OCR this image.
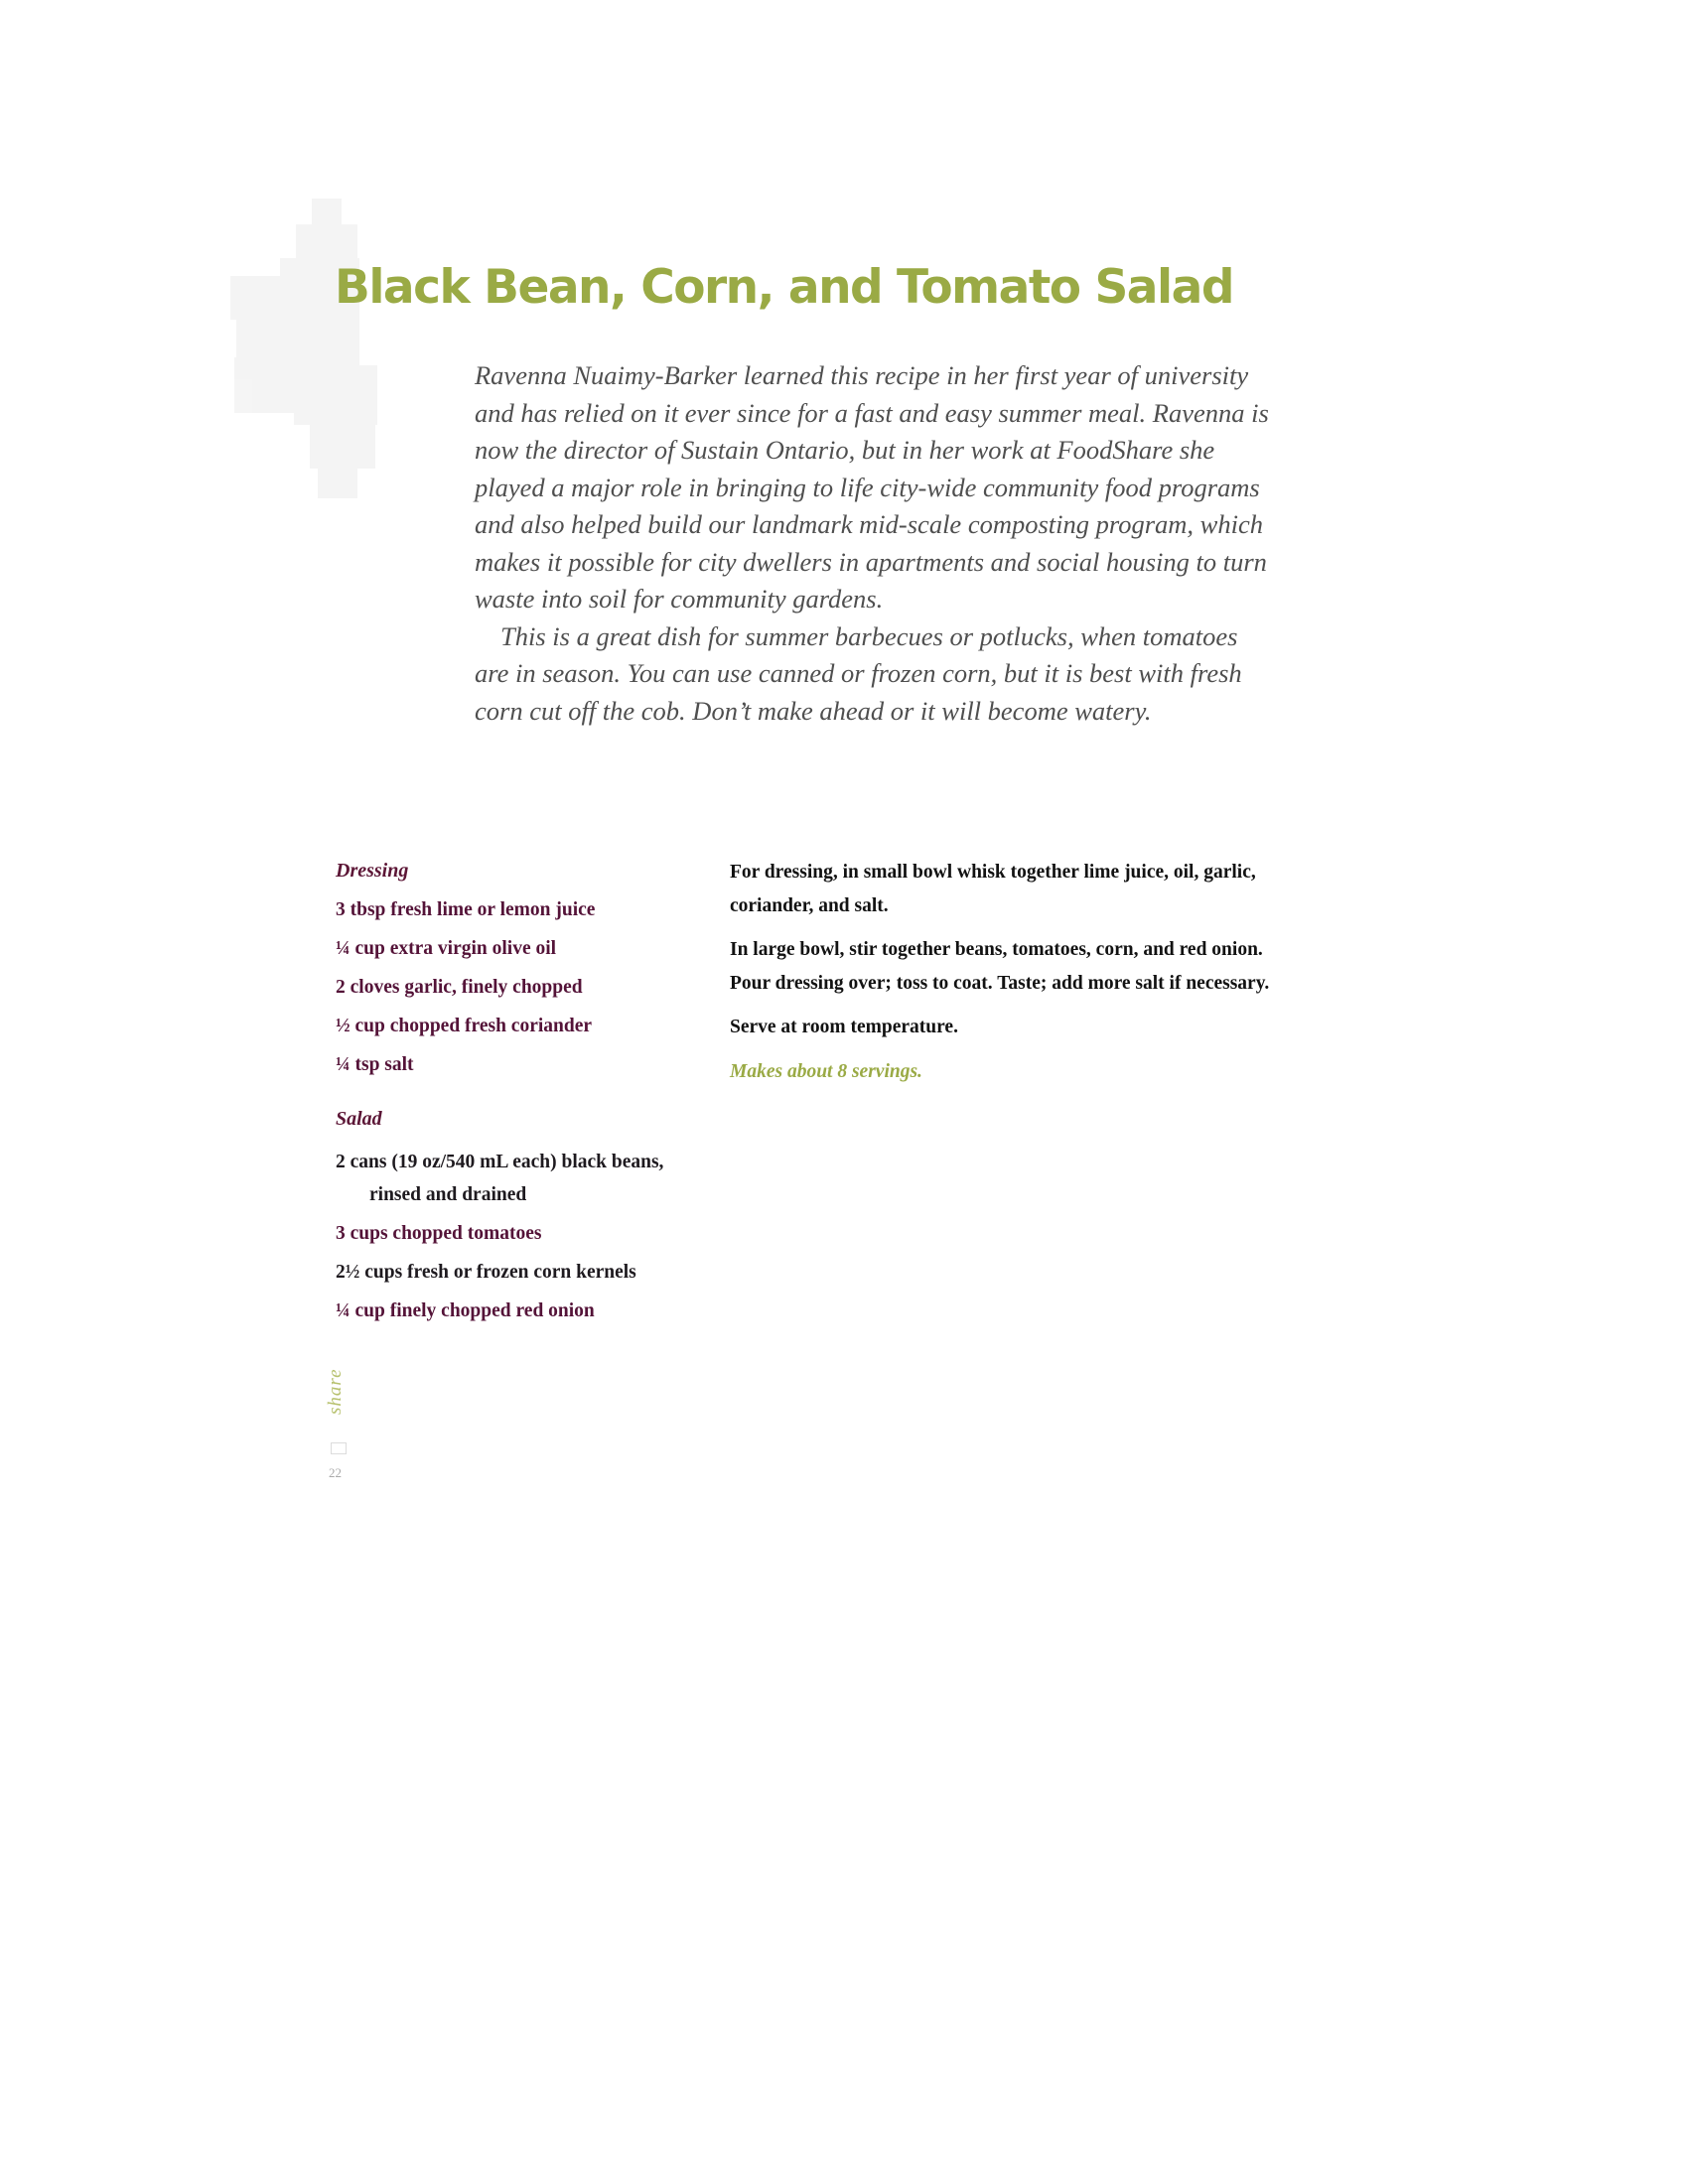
Black Bean, Corn, and Tomato Salad

Ravenna Nuaimy-Barker learned this recipe in her first year of university and has relied on it ever since for a fast and easy summer meal. Ravenna is now the director of Sustain Ontario, but in her work at FoodShare she played a major role in bringing to life city-wide community food programs and also helped build our landmark mid-scale composting program, which makes it possible for city dwellers in apartments and social housing to turn waste into soil for community gardens.

This is a great dish for summer barbecues or potlucks, when tomatoes are in season. You can use canned or frozen corn, but it is best with fresh corn cut off the cob. Don’t make ahead or it will become watery.

Dressing
3 tbsp fresh lime or lemon juice
¼ cup extra virgin olive oil
2 cloves garlic, finely chopped
½ cup chopped fresh coriander
¼ tsp salt
Salad
2 cans (19 oz/540 mL each) black beans,
rinsed and drained
3 cups chopped tomatoes
2½ cups fresh or frozen corn kernels
¼ cup finely chopped red onion

For dressing, in small bowl whisk together lime juice, oil, garlic, coriander, and salt.

In large bowl, stir together beans, tomatoes, corn, and red onion. Pour dressing over; toss to coat. Taste; add more salt if necessary.

Serve at room temperature.

Makes about 8 servings.

share
22
